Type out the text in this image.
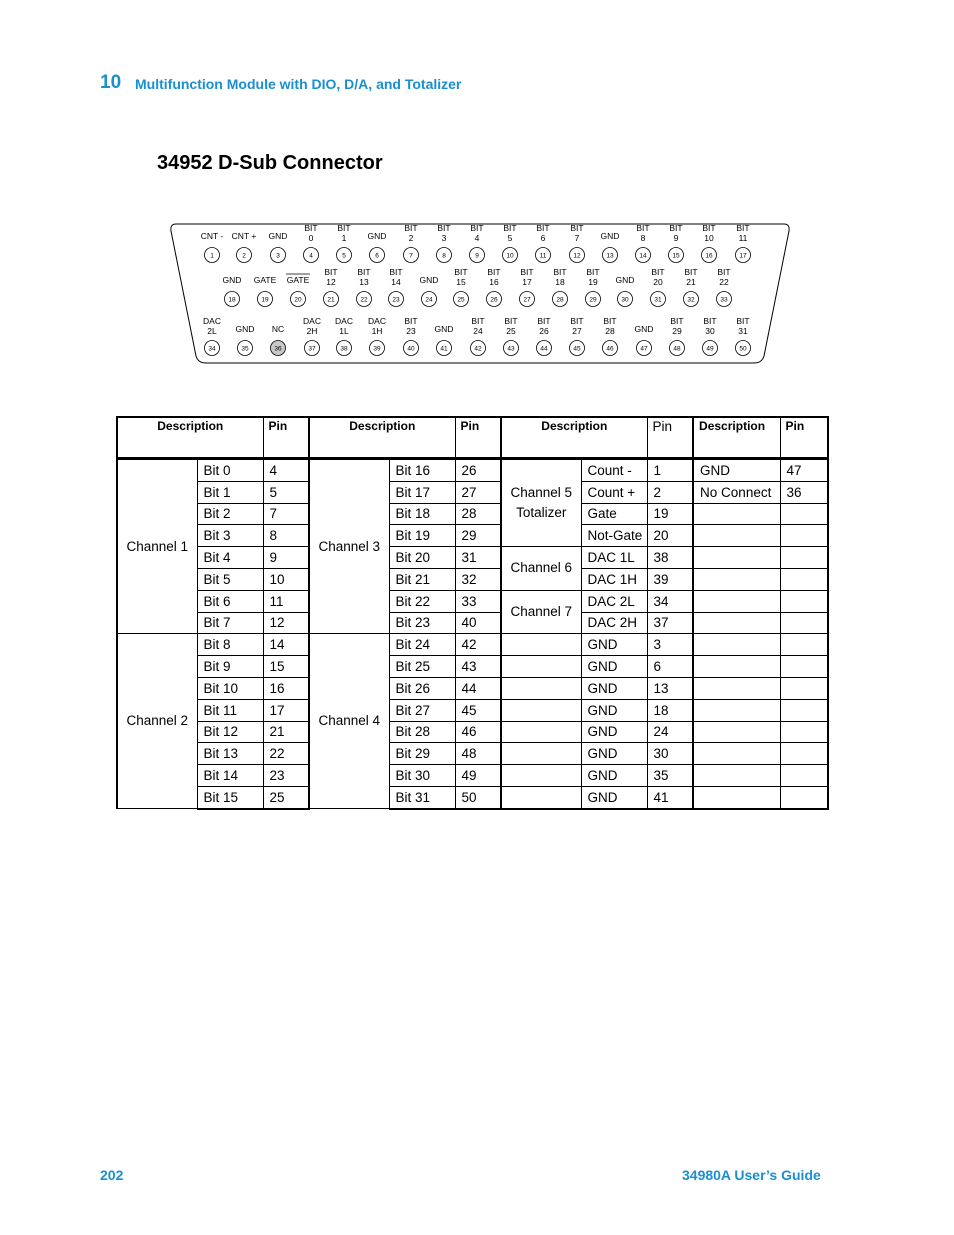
10 Multifunction Module with DIO, D/A, and Totalizer
34952 D-Sub Connector
CNT -
1
CNT +
2
GND
3
BIT
0
4
BIT
1
5
GND
6
BIT
2
7
BIT
3
8
BIT
4
9
BIT
5
10
BIT
6
11
BIT
7
12
GND
13
BIT
8
14
BIT
9
15
BIT
10
16
BIT
11
17
GND
18
GATE
19
GATE
20
BIT
12
21
BIT
13
22
BIT
14
23
GND
24
BIT
15
25
BIT
16
26
BIT
17
27
BIT
18
28
BIT
19
29
GND
30
BIT
20
31
BIT
21
32
BIT
22
33
DAC
2L
34
GND
35
NC
36
DAC
2H
37
DAC
1L
38
DAC
1H
39
BIT
23
40
GND
41
BIT
24
42
BIT
25
43
BIT
26
44
BIT
27
45
BIT
28
46
GND
47
BIT
29
48
BIT
30
49
BIT
31
50
Description		Pin	Description		Pin	Description		Pin	Description	Pin
Channel 1	Bit 0	4	Channel 3	Bit 16	26	Channel 5 Totalizer	Count -	1	GND	47
	Bit 1	5		Bit 17	27		Count +	2	No Connect	36
	Bit 2	7		Bit 18	28		Gate	19		
	Bit 3	8		Bit 19	29		Not-Gate	20		
	Bit 4	9		Bit 20	31	Channel 6	DAC 1L	38		
	Bit 5	10		Bit 21	32		DAC 1H	39		
	Bit 6	11		Bit 22	33	Channel 7	DAC 2L	34		
	Bit 7	12		Bit 23	40		DAC 2H	37		
Channel 2	Bit 8	14	Channel 4	Bit 24	42		GND	3		
	Bit 9	15		Bit 25	43		GND	6		
	Bit 10	16		Bit 26	44		GND	13		
	Bit 11	17		Bit 27	45		GND	18		
	Bit 12	21		Bit 28	46		GND	24		
	Bit 13	22		Bit 29	48		GND	30		
	Bit 14	23		Bit 30	49		GND	35		
	Bit 15	25		Bit 31	50		GND	41		
202	34980A User’s Guide
